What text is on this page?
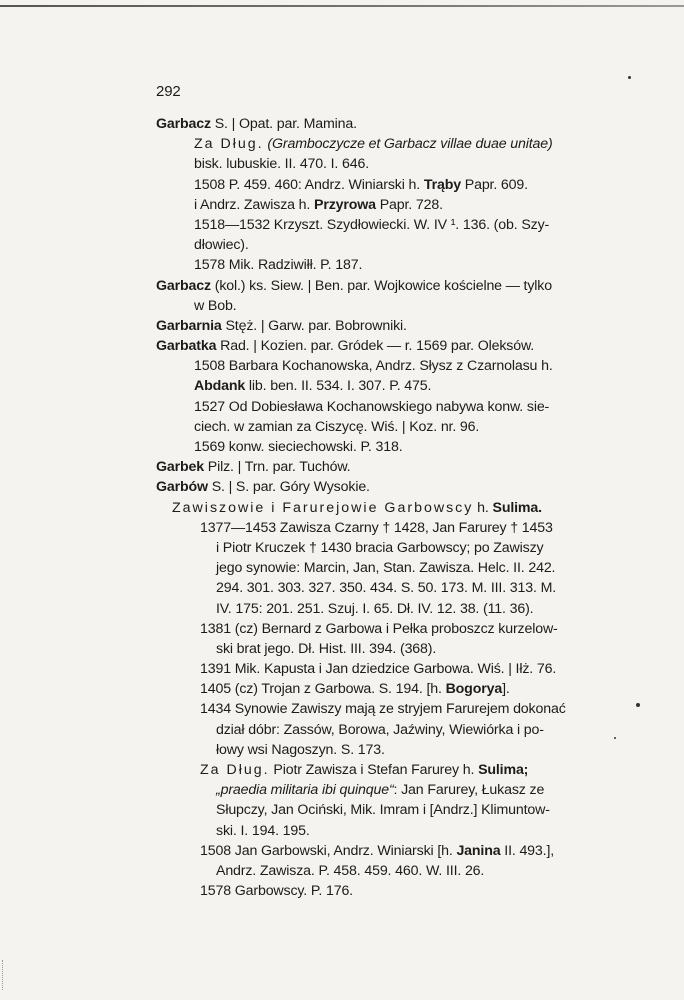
292
Garbacz S. | Opat. par. Mamina.
Za Dług. (Gramboczycze et Garbacz villae duae unitae)
bisk. lubuskie. II. 470. I. 646.
1508 P. 459. 460: Andrz. Winiarski h. Trąby Papr. 609.
i Andrz. Zawisza h. Przyrowa Papr. 728.
1518—1532 Krzyszt. Szydłowiecki. W. IV ¹. 136. (ob. Szy-
dłowiec).
1578 Mik. Radziwiłł. P. 187.
Garbacz (kol.) ks. Siew. | Ben. par. Wojkowice kościelne — tylko
w Bob.
Garbarnia Stęż. | Garw. par. Bobrowniki.
Garbatka Rad. | Kozien. par. Gródek — r. 1569 par. Oleksów.
1508 Barbara Kochanowska, Andrz. Słysz z Czarnolasu h.
Abdank lib. ben. II. 534. I. 307. P. 475.
1527 Od Dobiesława Kochanowskiego nabywa konw. sie-
ciech. w zamian za Ciszycę. Wiś. | Koz. nr. 96.
1569 konw. sieciechowski. P. 318.
Garbek Pilz. | Trn. par. Tuchów.
Garbów S. | S. par. Góry Wysokie.
Zawiszowie i Farurejowie Garbowscy h. Sulima.
1377—1453 Zawisza Czarny † 1428, Jan Farurey † 1453
i Piotr Kruczek † 1430 bracia Garbowscy; po Zawiszy
jego synowie: Marcin, Jan, Stan. Zawisza. Helc. II. 242.
294. 301. 303. 327. 350. 434. S. 50. 173. M. III. 313. M.
IV. 175: 201. 251. Szuj. I. 65. Dł. IV. 12. 38. (11. 36).
1381 (cz) Bernard z Garbowa i Pełka proboszcz kurzelow-
ski brat jego. Dł. Hist. III. 394. (368).
1391 Mik. Kapusta i Jan dziedzice Garbowa. Wiś. | Iłż. 76.
1405 (cz) Trojan z Garbowa. S. 194. [h. Bogorya].
1434 Synowie Zawiszy mają ze stryjem Farurejem dokonać
dział dóbr: Zassów, Borowa, Jaźwiny, Wiewiórka i po-
łowy wsi Nagoszyn. S. 173.
Za Dług. Piotr Zawisza i Stefan Farurey h. Sulima;
„praedia militaria ibi quinque“: Jan Farurey, Łukasz ze
Słupczy, Jan Ociński, Mik. Imram i [Andrz.] Klimuntow-
ski. I. 194. 195.
1508 Jan Garbowski, Andrz. Winiarski [h. Janina II. 493.],
Andrz. Zawisza. P. 458. 459. 460. W. III. 26.
1578 Garbowscy. P. 176.
